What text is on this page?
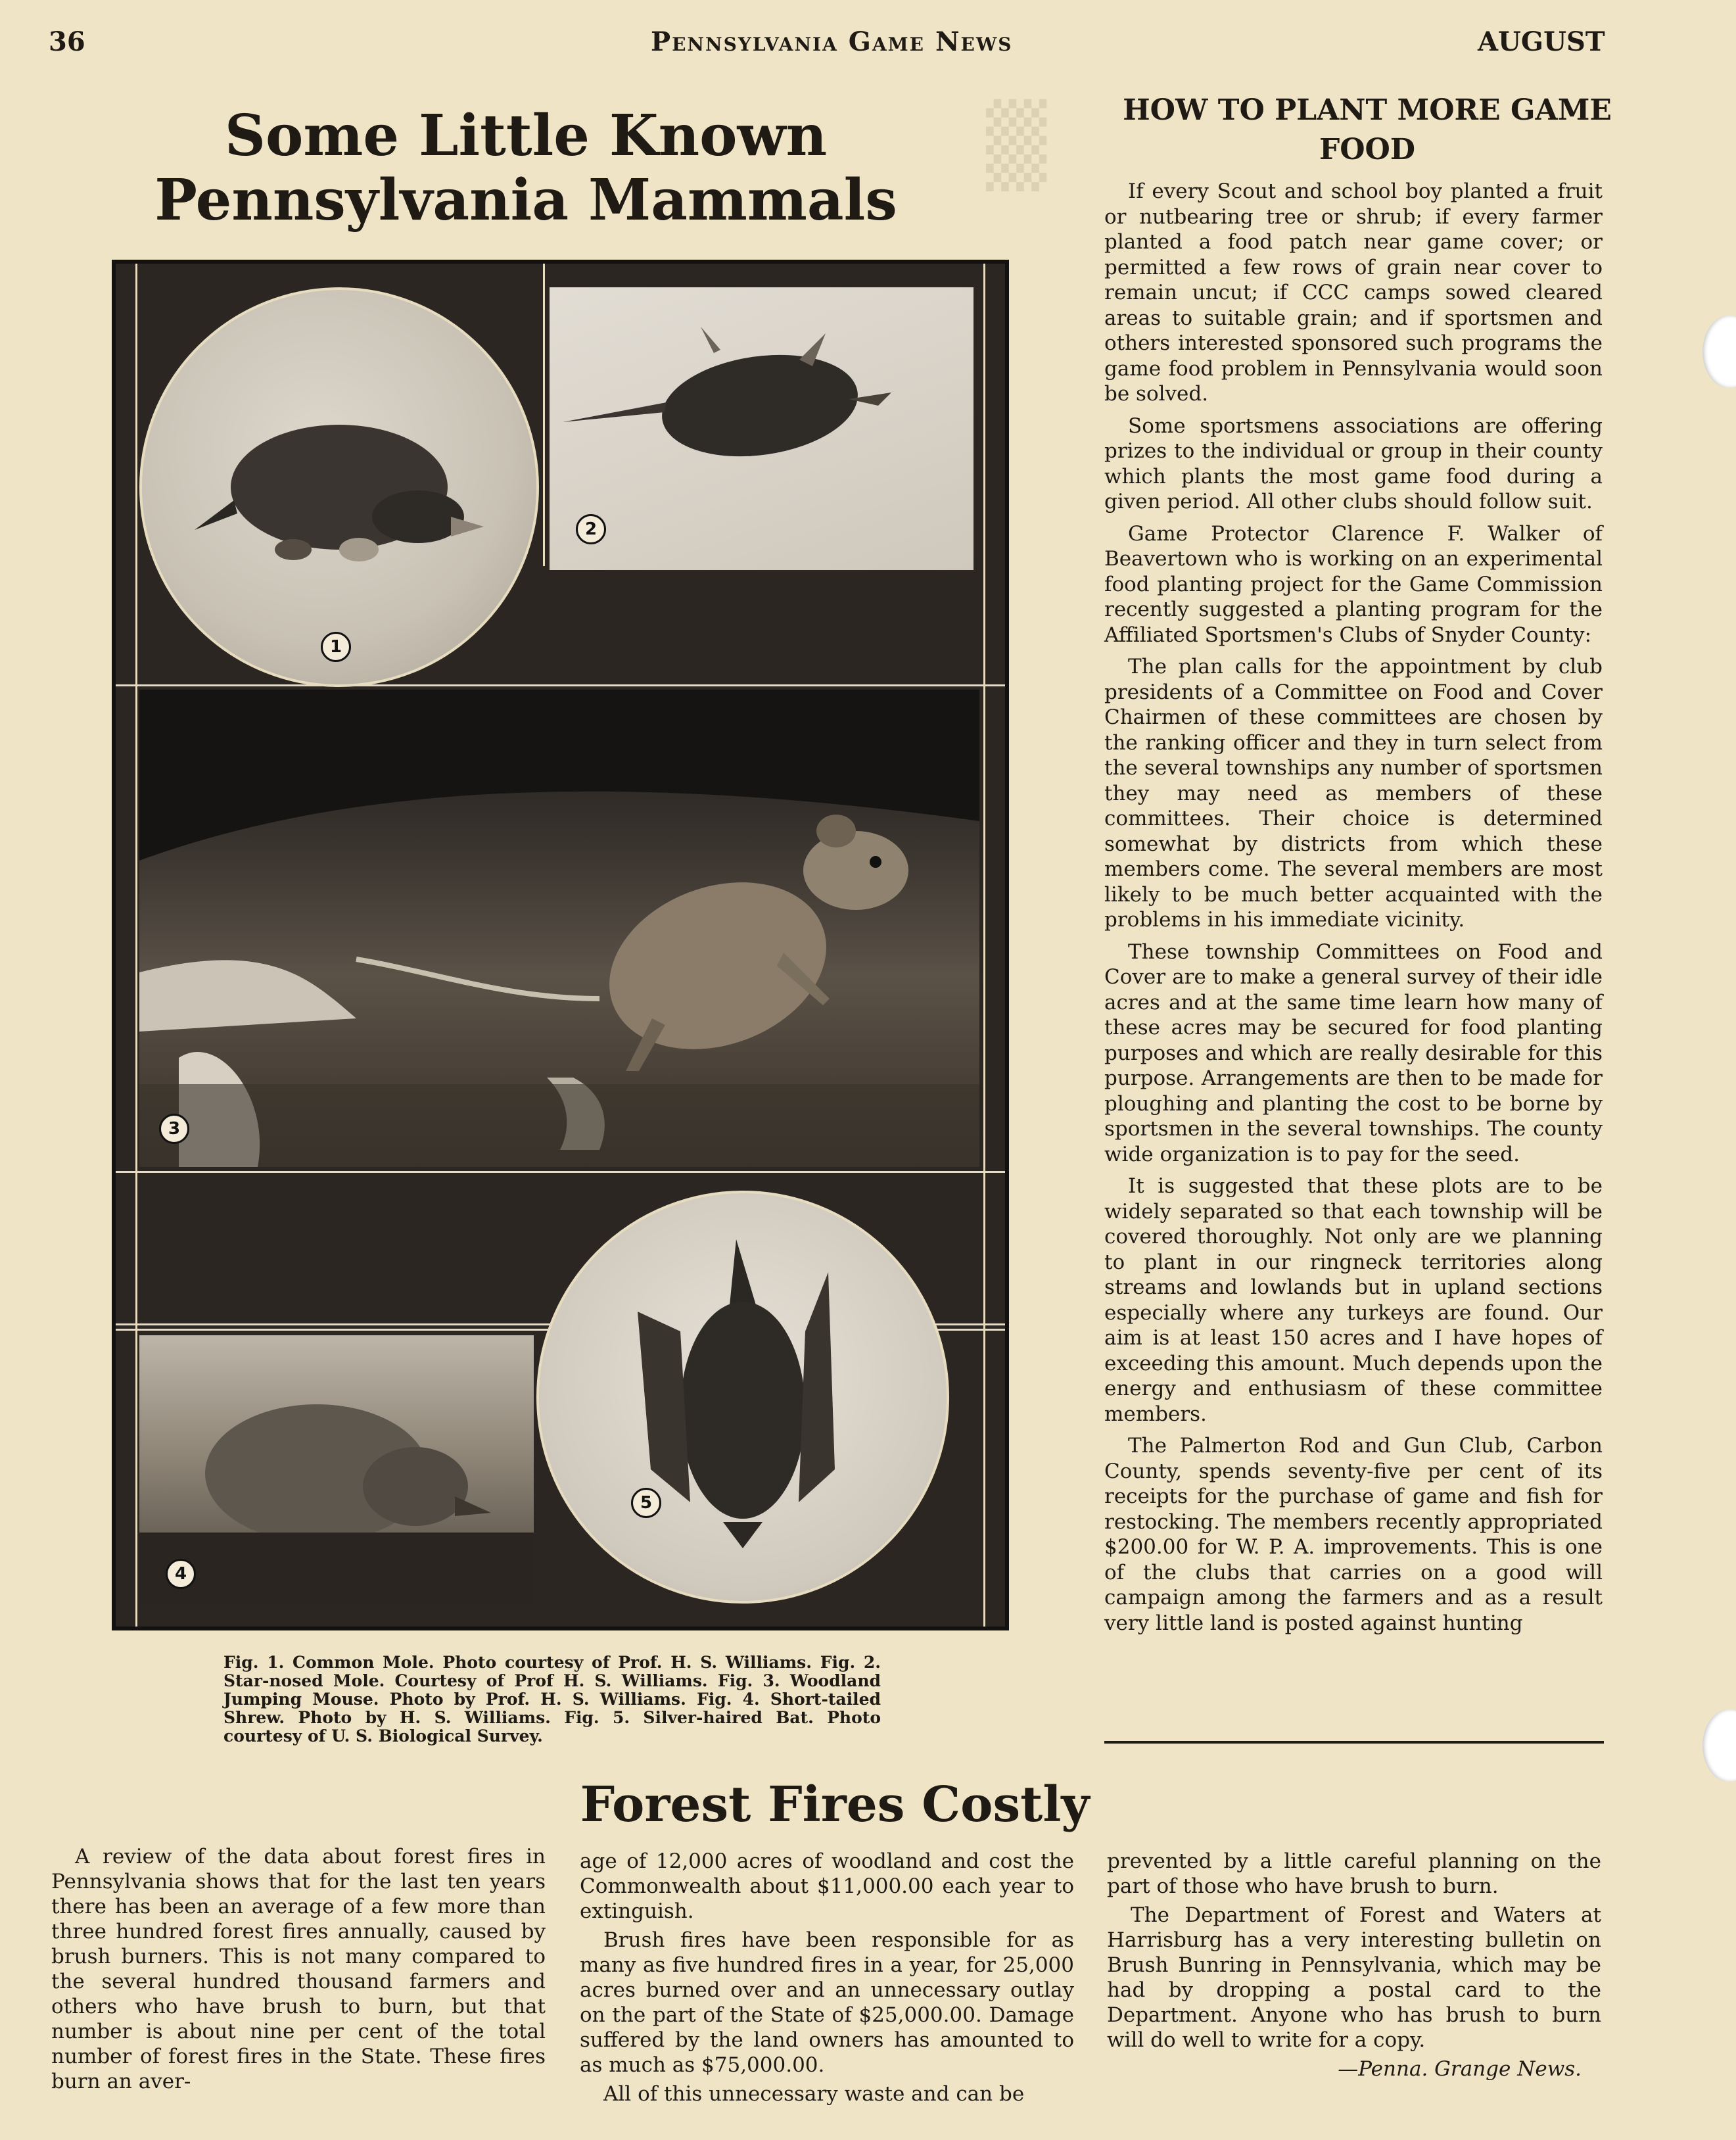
▒
36	Pennsylvania Game News	AUGUST
Some Little Known Pennsylvania Mammals
1
2
3
4
5
Fig. 1. Common Mole. Photo courtesy of Prof. H. S. Williams. Fig. 2. Star-nosed Mole. Courtesy of Prof H. S. Williams. Fig. 3. Woodland Jumping Mouse. Photo by Prof. H. S. Williams. Fig. 4. Short-tailed Shrew. Photo by H. S. Williams. Fig. 5. Silver-haired Bat. Photo courtesy of U. S. Biological Survey.
HOW TO PLANT MORE GAME FOOD

If every Scout and school boy planted a fruit or nutbearing tree or shrub; if every farmer planted a food patch near game cover; or permitted a few rows of grain near cover to remain uncut; if CCC camps sowed cleared areas to suitable grain; and if sportsmen and others interested sponsored such programs the game food problem in Pennsylvania would soon be solved.

Some sportsmens associations are offering prizes to the individual or group in their county which plants the most game food during a given period. All other clubs should follow suit.

Game Protector Clarence F. Walker of Beavertown who is working on an experimental food planting project for the Game Commission recently suggested a planting program for the Affiliated Sportsmen's Clubs of Snyder County:

The plan calls for the appointment by club presidents of a Committee on Food and Cover Chairmen of these committees are chosen by the ranking officer and they in turn select from the several townships any number of sportsmen they may need as members of these committees. Their choice is determined somewhat by districts from which these members come. The several members are most likely to be much better acquainted with the problems in his immediate vicinity.

These township Committees on Food and Cover are to make a general survey of their idle acres and at the same time learn how many of these acres may be secured for food planting purposes and which are really desirable for this purpose. Arrangements are then to be made for ploughing and planting the cost to be borne by sportsmen in the several townships. The county wide organization is to pay for the seed.

It is suggested that these plots are to be widely separated so that each township will be covered thoroughly. Not only are we planning to plant in our ringneck territories along streams and lowlands but in upland sections especially where any turkeys are found. Our aim is at least 150 acres and I have hopes of exceeding this amount. Much depends upon the energy and enthusiasm of these committee members.

The Palmerton Rod and Gun Club, Carbon County, spends seventy-five per cent of its receipts for the purchase of game and fish for restocking. The members recently appropriated $200.00 for W. P. A. improvements. This is one of the clubs that carries on a good will campaign among the farmers and as a result very little land is posted against hunting

Forest Fires Costly

A review of the data about forest fires in Pennsylvania shows that for the last ten years there has been an average of a few more than three hundred forest fires annually, caused by brush burners. This is not many compared to the several hundred thousand farmers and others who have brush to burn, but that number is about nine per cent of the total number of forest fires in the State. These fires burn an aver-

age of 12,000 acres of woodland and cost the Commonwealth about $11,000.00 each year to extinguish.

Brush fires have been responsible for as many as five hundred fires in a year, for 25,000 acres burned over and an unnecessary outlay on the part of the State of $25,000.00. Damage suffered by the land owners has amounted to as much as $75,000.00.

All of this unnecessary waste and can be

prevented by a little careful planning on the part of those who have brush to burn.

The Department of Forest and Waters at Harrisburg has a very interesting bulletin on Brush Bunring in Pennsylvania, which may be had by dropping a postal card to the Department. Anyone who has brush to burn will do well to write for a copy.

—Penna. Grange News.
